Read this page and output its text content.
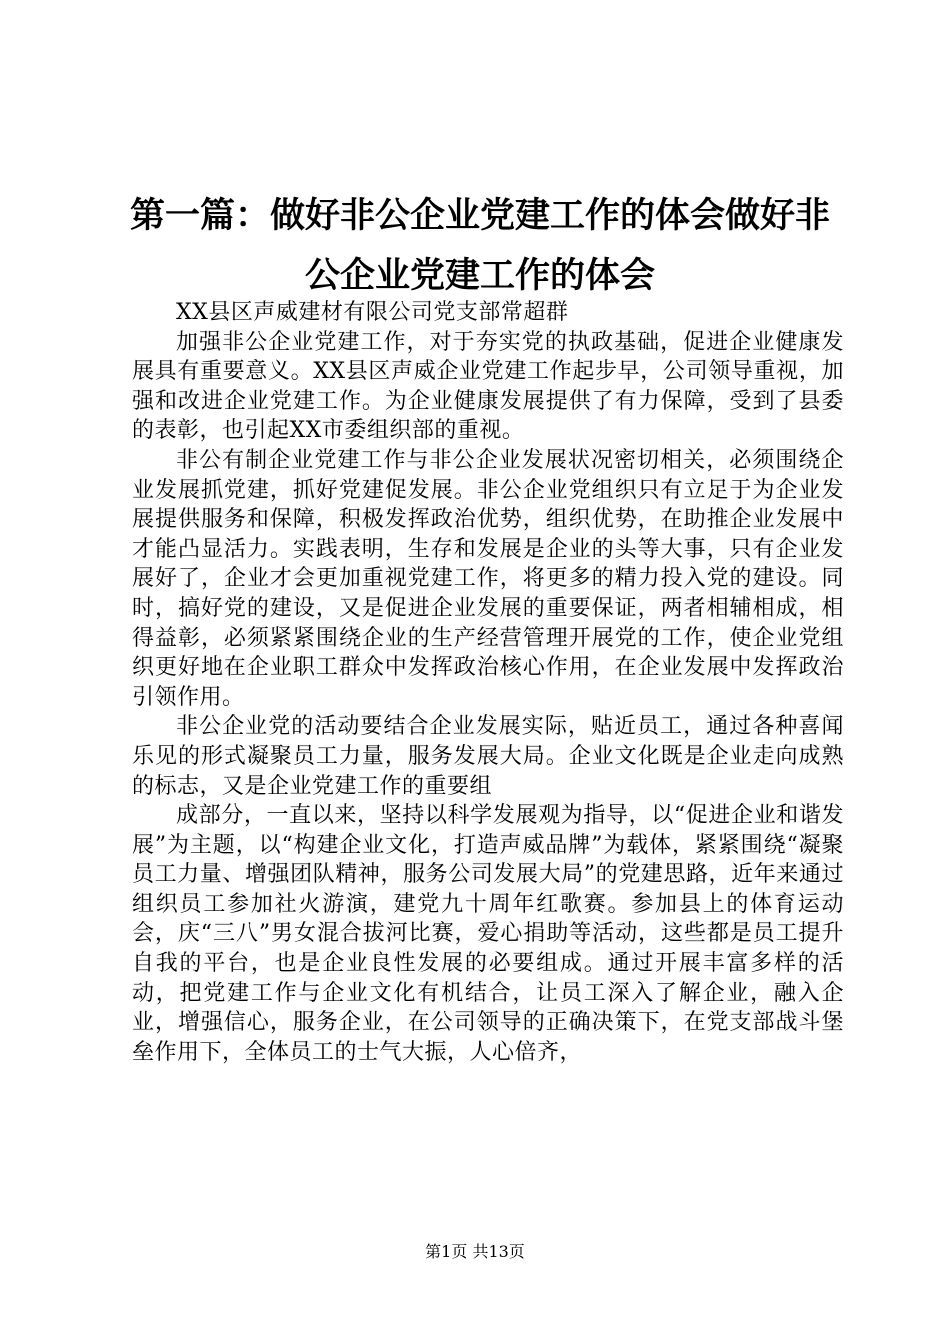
第一篇：做好非公企业党建工作的体会做好非
公企业党建工作的体会

XX县区声威建材有限公司党支部常超群

加强非公企业党建工作，对于夯实党的执政基础，促进企业健康发展具有重要意义。XX县区声威企业党建工作起步早，公司领导重视，加强和改进企业党建工作。为企业健康发展提供了有力保障，受到了县委的表彰，也引起XX市委组织部的重视。

非公有制企业党建工作与非公企业发展状况密切相关，必须围绕企业发展抓党建，抓好党建促发展。非公企业党组织只有立足于为企业发展提供服务和保障，积极发挥政治优势，组织优势，在助推企业发展中才能凸显活力。实践表明，生存和发展是企业的头等大事，只有企业发展好了，企业才会更加重视党建工作，将更多的精力投入党的建设。同时，搞好党的建设，又是促进企业发展的重要保证，两者相辅相成，相得益彰，必须紧紧围绕企业的生产经营管理开展党的工作，使企业党组织更好地在企业职工群众中发挥政治核心作用，在企业发展中发挥政治引领作用。

非公企业党的活动要结合企业发展实际，贴近员工，通过各种喜闻乐见的形式凝聚员工力量，服务发展大局。企业文化既是企业走向成熟的标志，又是企业党建工作的重要组

成部分，一直以来，坚持以科学发展观为指导，以“促进企业和谐发展”为主题，以“构建企业文化，打造声威品牌”为载体，紧紧围绕“凝聚员工力量、增强团队精神，服务公司发展大局”的党建思路，近年来通过组织员工参加社火游演，建党九十周年红歌赛。参加县上的体育运动会，庆“三八”男女混合拔河比赛，爱心捐助等活动，这些都是员工提升自我的平台，也是企业良性发展的必要组成。通过开展丰富多样的活动，把党建工作与企业文化有机结合，让员工深入了解企业，融入企业，增强信心，服务企业，在公司领导的正确决策下，在党支部战斗堡垒作用下，全体员工的士气大振，人心倍齐，

第1页 共13页
